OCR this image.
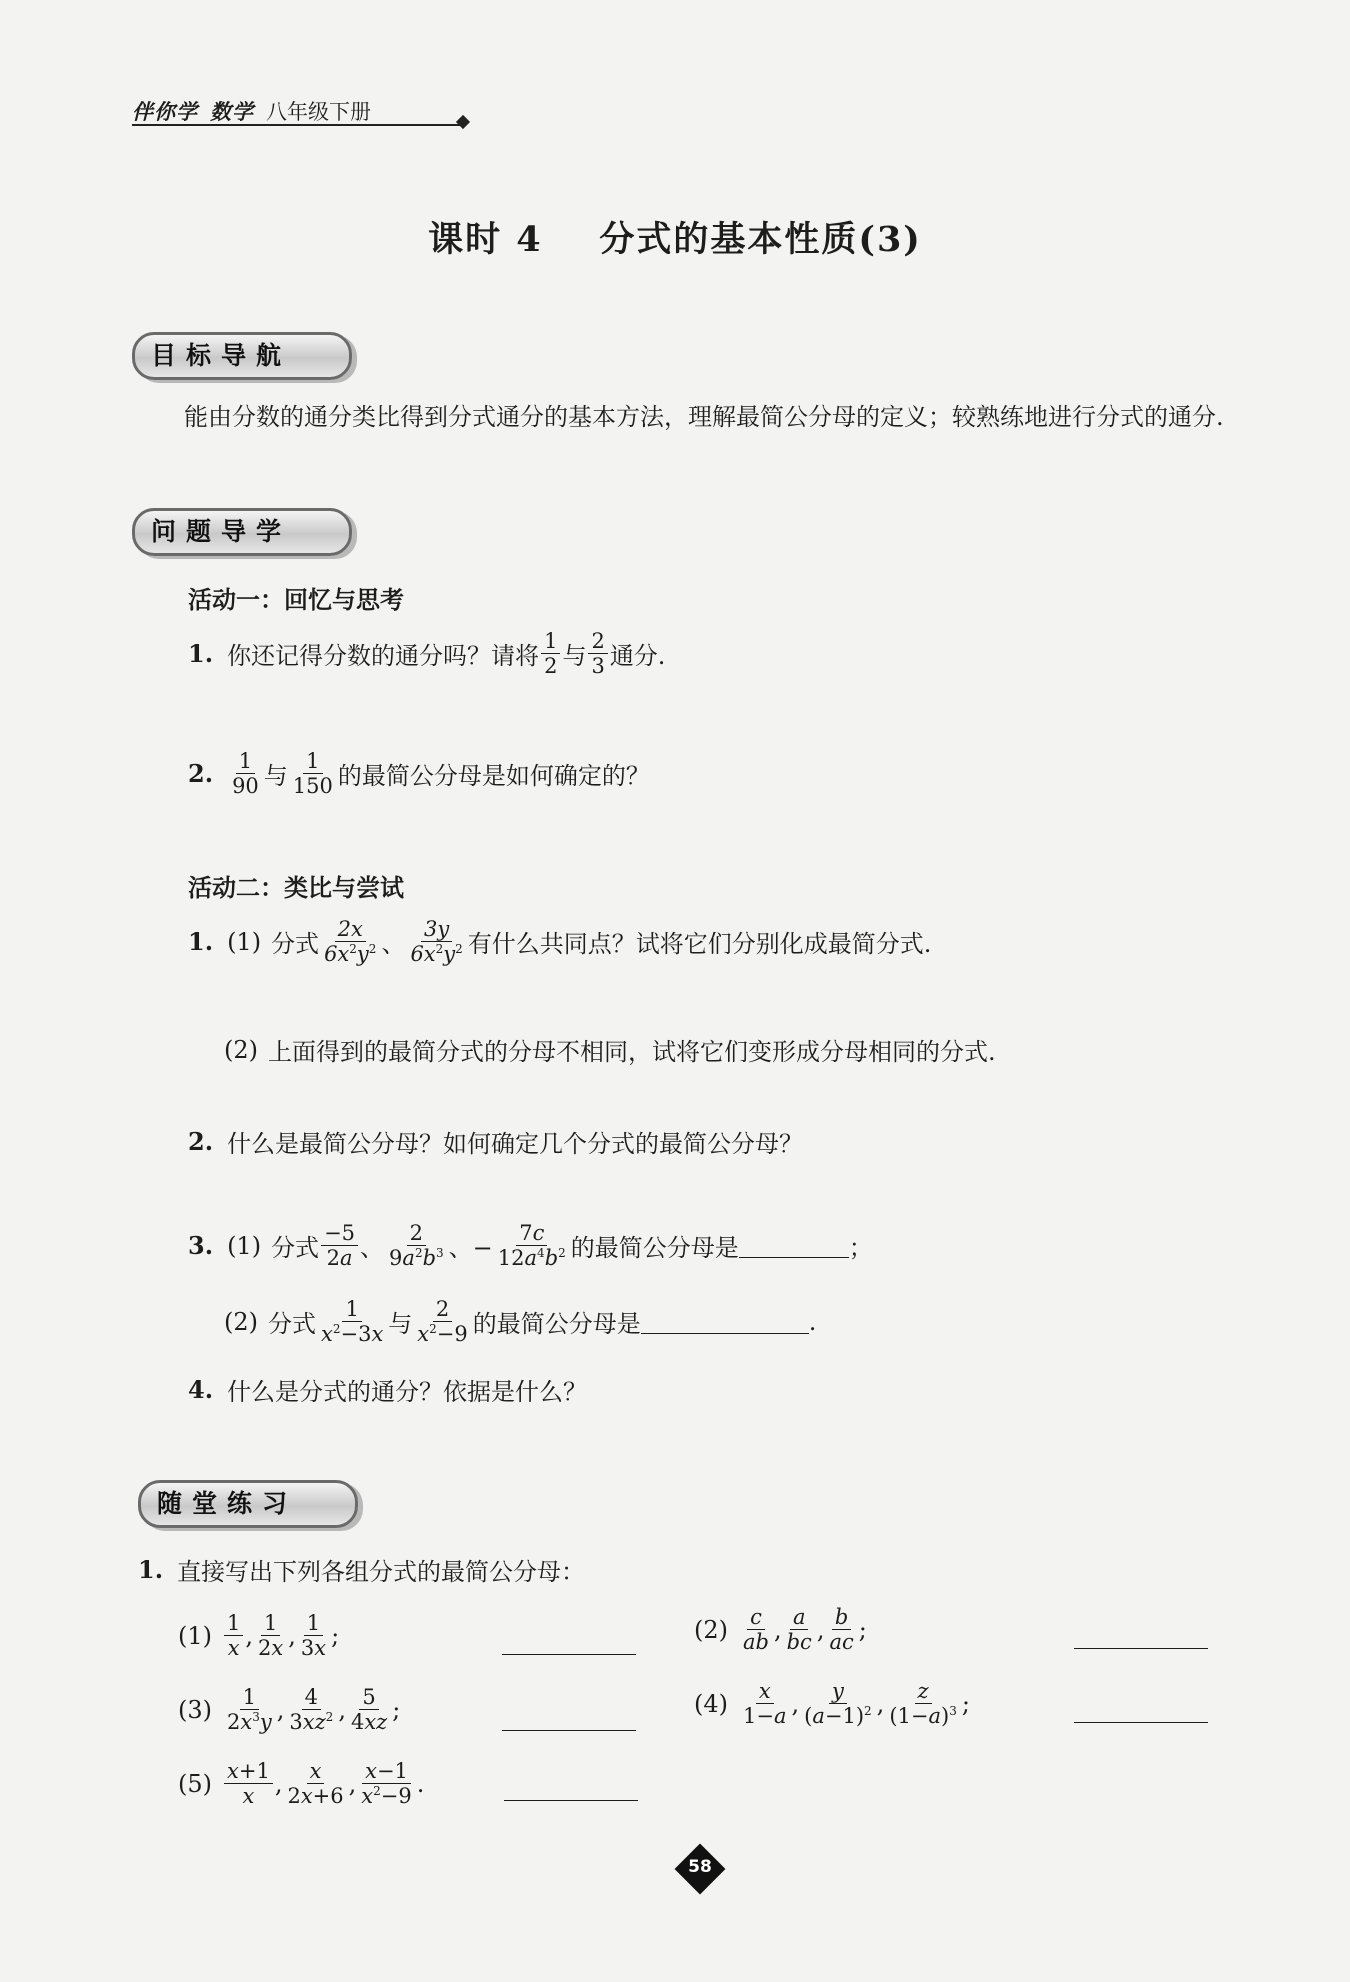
伴你学 数学 八年级下册
课时 4    分式的基本性质(3)
目标导航
能由分数的通分类比得到分式通分的基本方法，理解最简公分母的定义；较熟练地进行分式的通分.
问题导学
活动一：回忆与思考
1. 你还记得分数的通分吗？请将 $\frac{1}{2}$ 与 $\frac{2}{3}$ 通分.
2. $\frac{1}{90}$ 与 $\frac{1}{150}$ 的最简公分母是如何确定的？
活动二：类比与尝试
1. (1) 分式 $\frac{2x}{6x^2y^2}$ 、 $\frac{3y}{6x^2y^2}$ 有什么共同点？试将它们分别化成最简分式.
(2) 上面得到的最简分式的分母不相同，试将它们变形成分母相同的分式.
2. 什么是最简公分母？如何确定几个分式的最简公分母？
3. (1) 分式 $\frac{-5}{2a}$ 、 $\frac{2}{9a^2b^3}$ 、− $\frac{7c}{12a^4b^2}$ 的最简公分母是	；
(2) 分式 $\frac{1}{x^2-3x}$ 与 $\frac{2}{x^2-9}$ 的最简公分母是	.
4. 什么是分式的通分？依据是什么？
随堂练习
1. 直接写出下列各组分式的最简公分母：
$(1) \frac{1}{x}$ , $\frac{1}{2x}$ , $\frac{1}{3x}$ ;	$(2) \frac{c}{ab}$ , $\frac{a}{bc}$ , $\frac{b}{ac}$ ;
$(3) \frac{1}{2x^3y}$ , $\frac{4}{3xz^2}$ , $\frac{5}{4xz}$ ;	$(4) \frac{x}{1-a}$ , $\frac{y}{(a-1)^2}$ , $\frac{z}{(1-a)^3}$ ;
$(5) \frac{x+1}{x}$ , $\frac{x}{2x+6}$ , $\frac{x-1}{x^2-9}$ .
58
